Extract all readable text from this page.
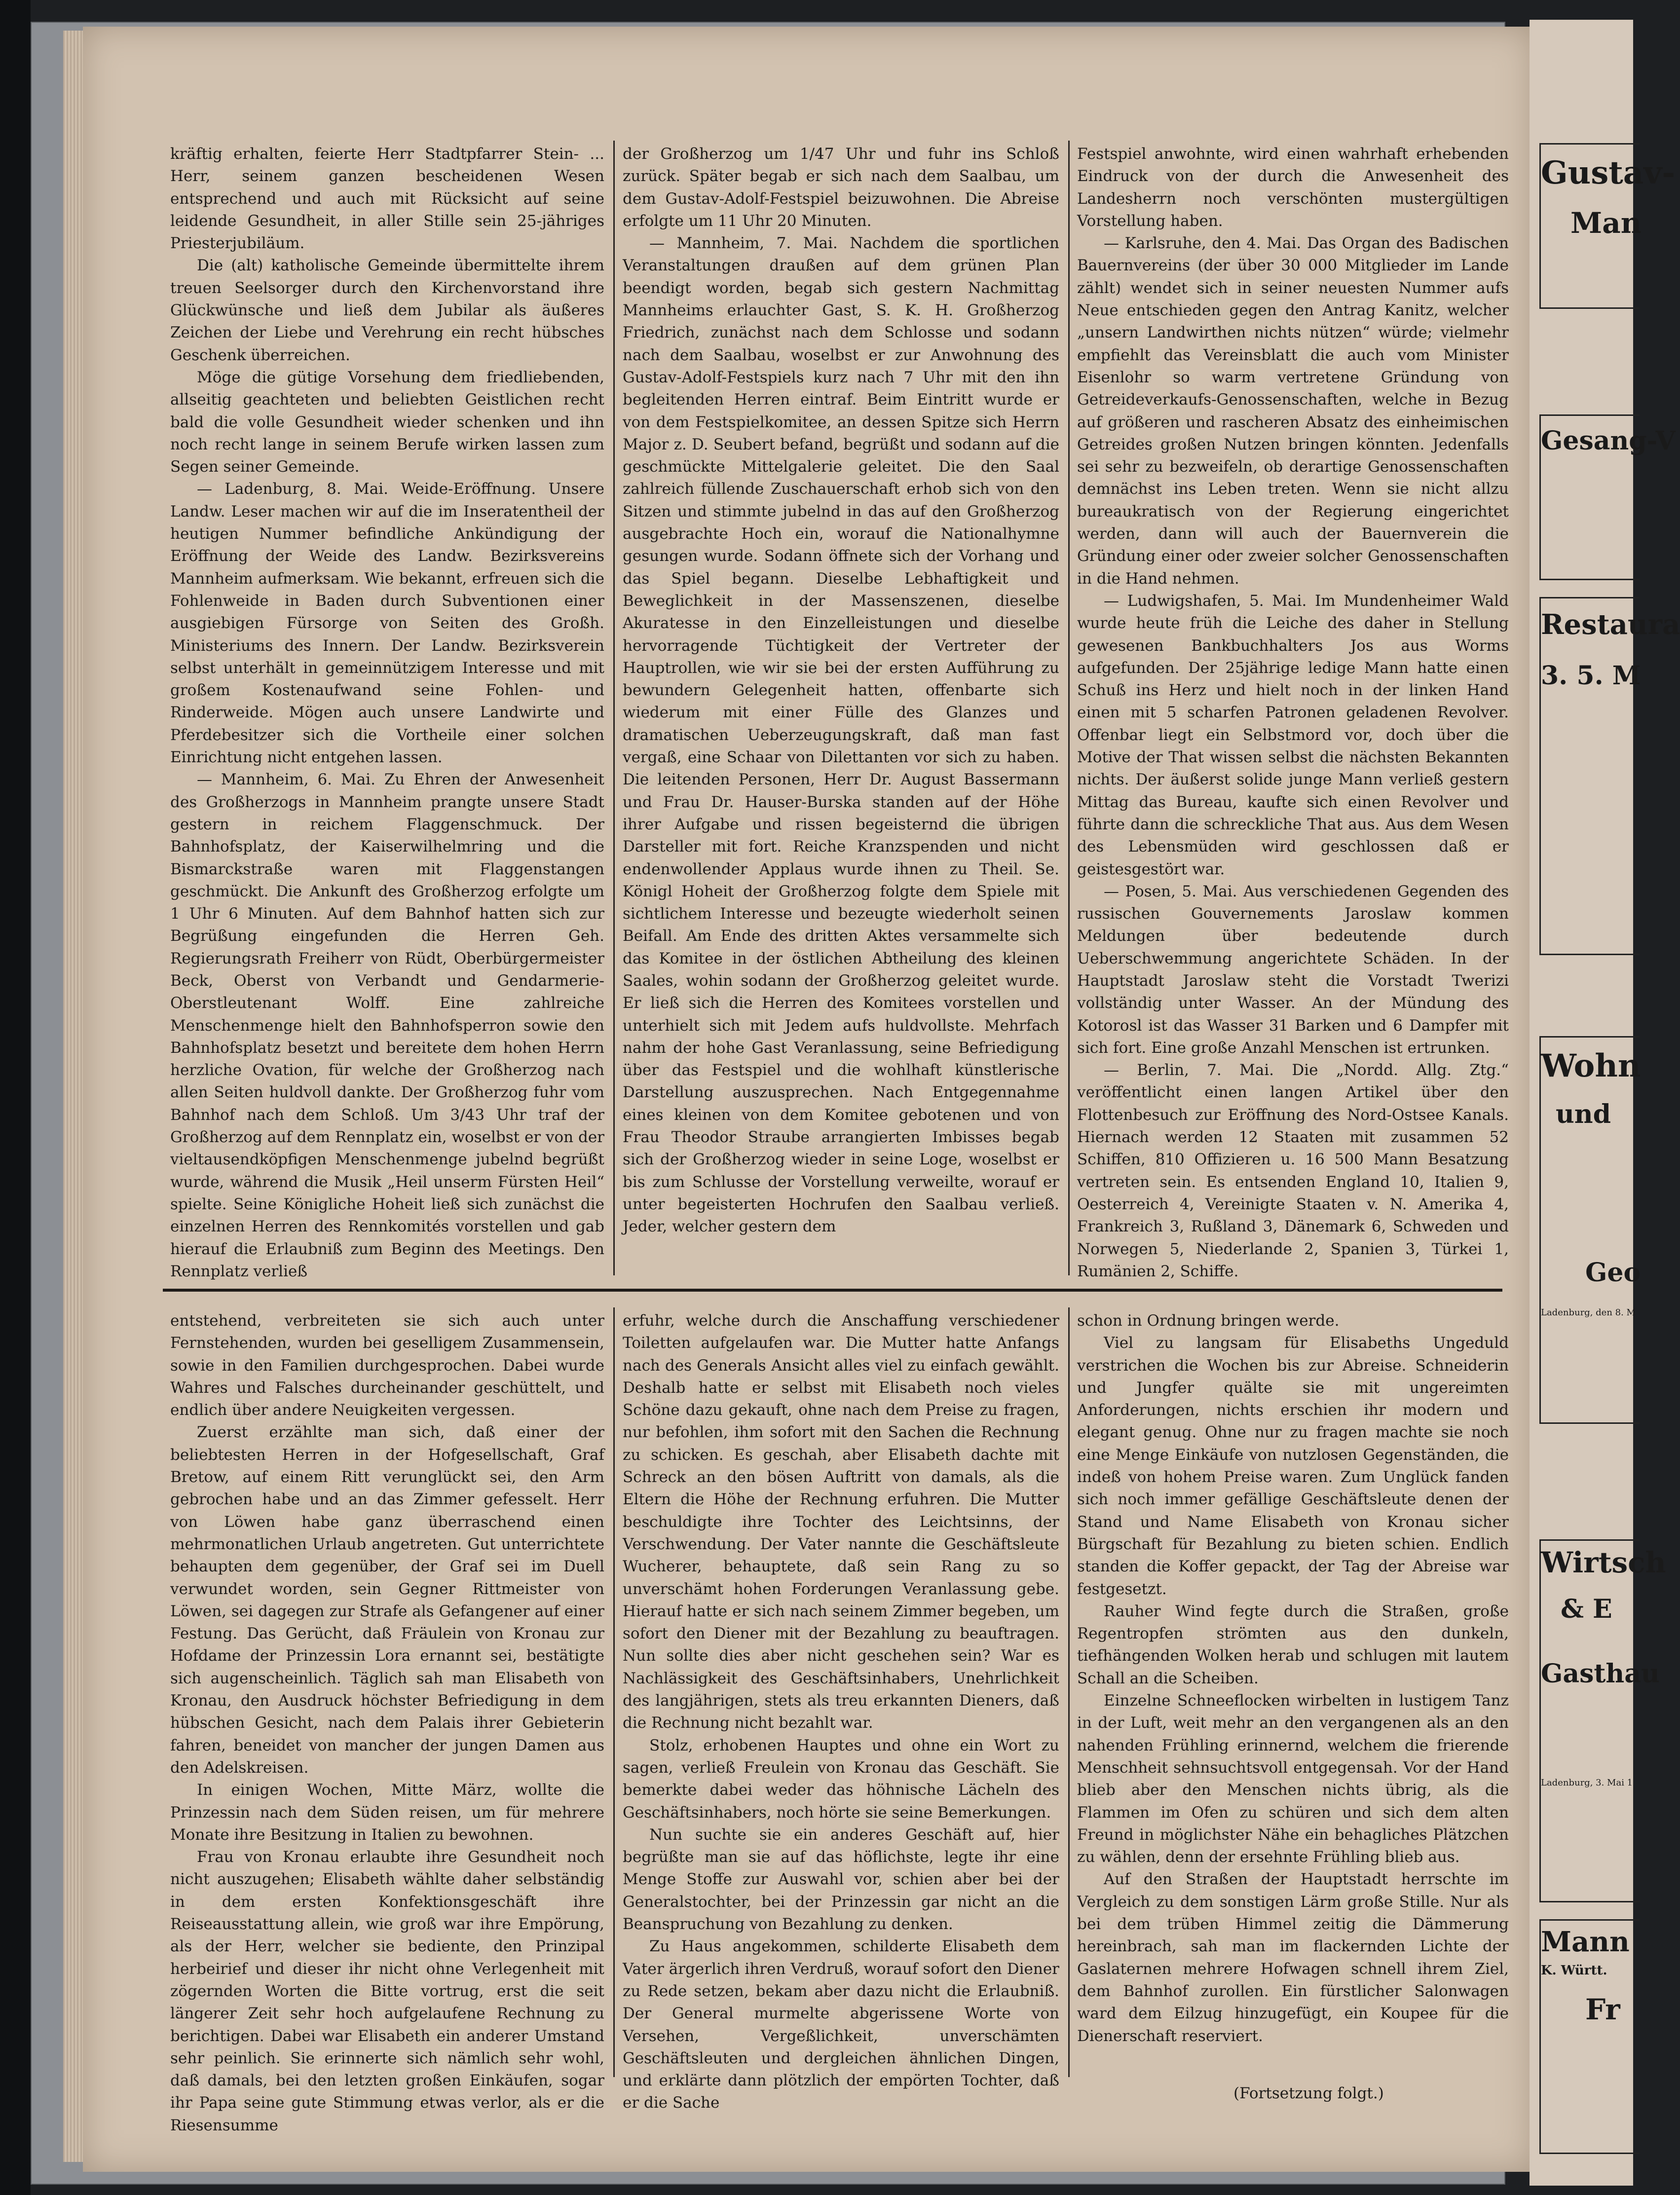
kräftig erhalten, feierte Herr Stadtpfarrer Stein- ... Herr, seinem ganzen bescheidenen Wesen entsprechend und auch mit Rücksicht auf seine leidende Gesundheit, in aller Stille sein 25-jähriges Priesterjubiläum.

Die (alt) katholische Gemeinde übermittelte ihrem treuen Seelsorger durch den Kirchenvorstand ihre Glückwünsche und ließ dem Jubilar als äußeres Zeichen der Liebe und Verehrung ein recht hübsches Geschenk überreichen.

Möge die gütige Vorsehung dem friedliebenden, allseitig geachteten und beliebten Geistlichen recht bald die volle Gesundheit wieder schenken und ihn noch recht lange in seinem Berufe wirken lassen zum Segen seiner Gemeinde.

— Ladenburg, 8. Mai. Weide-Eröffnung. Unsere Landw. Leser machen wir auf die im Inseratentheil der heutigen Nummer befindliche Ankündigung der Eröffnung der Weide des Landw. Bezirksvereins Mannheim aufmerksam. Wie bekannt, erfreuen sich die Fohlenweide in Baden durch Subventionen einer ausgiebigen Fürsorge von Seiten des Großh. Ministeriums des Innern. Der Landw. Bezirksverein selbst unterhält in gemeinnützigem Interesse und mit großem Kostenaufwand seine Fohlen- und Rinderweide. Mögen auch unsere Landwirte und Pferdebesitzer sich die Vortheile einer solchen Einrichtung nicht entgehen lassen.

— Mannheim, 6. Mai. Zu Ehren der Anwesenheit des Großherzogs in Mannheim prangte unsere Stadt gestern in reichem Flaggenschmuck. Der Bahnhofsplatz, der Kaiserwilhelmring und die Bismarckstraße waren mit Flaggenstangen geschmückt. Die Ankunft des Großherzog erfolgte um 1 Uhr 6 Minuten. Auf dem Bahnhof hatten sich zur Begrüßung eingefunden die Herren Geh. Regierungsrath Freiherr von Rüdt, Oberbürgermeister Beck, Oberst von Verbandt und Gendarmerie-Oberstleutenant Wolff. Eine zahlreiche Menschenmenge hielt den Bahnhofsperron sowie den Bahnhofsplatz besetzt und bereitete dem hohen Herrn herzliche Ovation, für welche der Großherzog nach allen Seiten huldvoll dankte. Der Großherzog fuhr vom Bahnhof nach dem Schloß. Um 3/43 Uhr traf der Großherzog auf dem Rennplatz ein, woselbst er von der vieltausendköpfigen Menschenmenge jubelnd begrüßt wurde, während die Musik „Heil unserm Fürsten Heil“ spielte. Seine Königliche Hoheit ließ sich zunächst die einzelnen Herren des Rennkomités vorstellen und gab hierauf die Erlaubniß zum Beginn des Meetings. Den Rennplatz verließ

der Großherzog um 1/47 Uhr und fuhr ins Schloß zurück. Später begab er sich nach dem Saalbau, um dem Gustav-Adolf-Festspiel beizuwohnen. Die Abreise erfolgte um 11 Uhr 20 Minuten.

— Mannheim, 7. Mai. Nachdem die sportlichen Veranstaltungen draußen auf dem grünen Plan beendigt worden, begab sich gestern Nachmittag Mannheims erlauchter Gast, S. K. H. Großherzog Friedrich, zunächst nach dem Schlosse und sodann nach dem Saalbau, woselbst er zur Anwohnung des Gustav-Adolf-Festspiels kurz nach 7 Uhr mit den ihn begleitenden Herren eintraf. Beim Eintritt wurde er von dem Festspielkomitee, an dessen Spitze sich Herrn Major z. D. Seubert befand, begrüßt und sodann auf die geschmückte Mittelgalerie geleitet. Die den Saal zahlreich füllende Zuschauerschaft erhob sich von den Sitzen und stimmte jubelnd in das auf den Großherzog ausgebrachte Hoch ein, worauf die Nationalhymne gesungen wurde. Sodann öffnete sich der Vorhang und das Spiel begann. Dieselbe Lebhaftigkeit und Beweglichkeit in der Massenszenen, dieselbe Akuratesse in den Einzelleistungen und dieselbe hervorragende Tüchtigkeit der Vertreter der Hauptrollen, wie wir sie bei der ersten Aufführung zu bewundern Gelegenheit hatten, offenbarte sich wiederum mit einer Fülle des Glanzes und dramatischen Ueberzeugungskraft, daß man fast vergaß, eine Schaar von Dilettanten vor sich zu haben. Die leitenden Personen, Herr Dr. August Bassermann und Frau Dr. Hauser-Burska standen auf der Höhe ihrer Aufgabe und rissen begeisternd die übrigen Darsteller mit fort. Reiche Kranzspenden und nicht endenwollender Applaus wurde ihnen zu Theil. Se. Königl Hoheit der Großherzog folgte dem Spiele mit sichtlichem Interesse und bezeugte wiederholt seinen Beifall. Am Ende des dritten Aktes versammelte sich das Komitee in der östlichen Abtheilung des kleinen Saales, wohin sodann der Großherzog geleitet wurde. Er ließ sich die Herren des Komitees vorstellen und unterhielt sich mit Jedem aufs huldvollste. Mehrfach nahm der hohe Gast Veranlassung, seine Befriedigung über das Festspiel und die wohlhaft künstlerische Darstellung auszusprechen. Nach Entgegennahme eines kleinen von dem Komitee gebotenen und von Frau Theodor Straube arrangierten Imbisses begab sich der Großherzog wieder in seine Loge, woselbst er bis zum Schlusse der Vorstellung verweilte, worauf er unter begeisterten Hochrufen den Saalbau verließ. Jeder, welcher gestern dem

Festspiel anwohnte, wird einen wahrhaft erhebenden Eindruck von der durch die Anwesenheit des Landesherrn noch verschönten mustergültigen Vorstellung haben.

— Karlsruhe, den 4. Mai. Das Organ des Badischen Bauernvereins (der über 30 000 Mitglieder im Lande zählt) wendet sich in seiner neuesten Nummer aufs Neue entschieden gegen den Antrag Kanitz, welcher „unsern Landwirthen nichts nützen“ würde; vielmehr empfiehlt das Vereinsblatt die auch vom Minister Eisenlohr so warm vertretene Gründung von Getreideverkaufs-Genossenschaften, welche in Bezug auf größeren und rascheren Absatz des einheimischen Getreides großen Nutzen bringen könnten. Jedenfalls sei sehr zu bezweifeln, ob derartige Genossenschaften demnächst ins Leben treten. Wenn sie nicht allzu bureaukratisch von der Regierung eingerichtet werden, dann will auch der Bauernverein die Gründung einer oder zweier solcher Genossenschaften in die Hand nehmen.

— Ludwigshafen, 5. Mai. Im Mundenheimer Wald wurde heute früh die Leiche des daher in Stellung gewesenen Bankbuchhalters Jos aus Worms aufgefunden. Der 25jährige ledige Mann hatte einen Schuß ins Herz und hielt noch in der linken Hand einen mit 5 scharfen Patronen geladenen Revolver. Offenbar liegt ein Selbstmord vor, doch über die Motive der That wissen selbst die nächsten Bekannten nichts. Der äußerst solide junge Mann verließ gestern Mittag das Bureau, kaufte sich einen Revolver und führte dann die schreckliche That aus. Aus dem Wesen des Lebensmüden wird geschlossen daß er geistesgestört war.

— Posen, 5. Mai. Aus verschiedenen Gegenden des russischen Gouvernements Jaroslaw kommen Meldungen über bedeutende durch Ueberschwemmung angerichtete Schäden. In der Hauptstadt Jaroslaw steht die Vorstadt Twerizi vollständig unter Wasser. An der Mündung des Kotorosl ist das Wasser 31 Barken und 6 Dampfer mit sich fort. Eine große Anzahl Menschen ist ertrunken.

— Berlin, 7. Mai. Die „Nordd. Allg. Ztg.“ veröffentlicht einen langen Artikel über den Flottenbesuch zur Eröffnung des Nord-Ostsee Kanals. Hiernach werden 12 Staaten mit zusammen 52 Schiffen, 810 Offizieren u. 16 500 Mann Besatzung vertreten sein. Es entsenden England 10, Italien 9, Oesterreich 4, Vereinigte Staaten v. N. Amerika 4, Frankreich 3, Rußland 3, Dänemark 6, Schweden und Norwegen 5, Niederlande 2, Spanien 3, Türkei 1, Rumänien 2, Schiffe.

entstehend, verbreiteten sie sich auch unter Fernstehenden, wurden bei geselligem Zusammensein, sowie in den Familien durchgesprochen. Dabei wurde Wahres und Falsches durcheinander geschüttelt, und endlich über andere Neuigkeiten vergessen.

Zuerst erzählte man sich, daß einer der beliebtesten Herren in der Hofgesellschaft, Graf Bretow, auf einem Ritt verunglückt sei, den Arm gebrochen habe und an das Zimmer gefesselt. Herr von Löwen habe ganz überraschend einen mehrmonatlichen Urlaub angetreten. Gut unterrichtete behaupten dem gegenüber, der Graf sei im Duell verwundet worden, sein Gegner Rittmeister von Löwen, sei dagegen zur Strafe als Gefangener auf einer Festung. Das Gerücht, daß Fräulein von Kronau zur Hofdame der Prinzessin Lora ernannt sei, bestätigte sich augenscheinlich. Täglich sah man Elisabeth von Kronau, den Ausdruck höchster Befriedigung in dem hübschen Gesicht, nach dem Palais ihrer Gebieterin fahren, beneidet von mancher der jungen Damen aus den Adelskreisen.

In einigen Wochen, Mitte März, wollte die Prinzessin nach dem Süden reisen, um für mehrere Monate ihre Besitzung in Italien zu bewohnen.

Frau von Kronau erlaubte ihre Gesundheit noch nicht auszugehen; Elisabeth wählte daher selbständig in dem ersten Konfektionsgeschäft ihre Reiseausstattung allein, wie groß war ihre Empörung, als der Herr, welcher sie bediente, den Prinzipal herbeirief und dieser ihr nicht ohne Verlegenheit mit zögernden Worten die Bitte vortrug, erst die seit längerer Zeit sehr hoch aufgelaufene Rechnung zu berichtigen. Dabei war Elisabeth ein anderer Umstand sehr peinlich. Sie erinnerte sich nämlich sehr wohl, daß damals, bei den letzten großen Einkäufen, sogar ihr Papa seine gute Stimmung etwas verlor, als er die Riesensumme

erfuhr, welche durch die Anschaffung verschiedener Toiletten aufgelaufen war. Die Mutter hatte Anfangs nach des Generals Ansicht alles viel zu einfach gewählt. Deshalb hatte er selbst mit Elisabeth noch vieles Schöne dazu gekauft, ohne nach dem Preise zu fragen, nur befohlen, ihm sofort mit den Sachen die Rechnung zu schicken. Es geschah, aber Elisabeth dachte mit Schreck an den bösen Auftritt von damals, als die Eltern die Höhe der Rechnung erfuhren. Die Mutter beschuldigte ihre Tochter des Leichtsinns, der Verschwendung. Der Vater nannte die Geschäftsleute Wucherer, behauptete, daß sein Rang zu so unverschämt hohen Forderungen Veranlassung gebe. Hierauf hatte er sich nach seinem Zimmer begeben, um sofort den Diener mit der Bezahlung zu beauftragen. Nun sollte dies aber nicht geschehen sein? War es Nachlässigkeit des Geschäftsinhabers, Unehrlichkeit des langjährigen, stets als treu erkannten Dieners, daß die Rechnung nicht bezahlt war.

Stolz, erhobenen Hauptes und ohne ein Wort zu sagen, verließ Freulein von Kronau das Geschäft. Sie bemerkte dabei weder das höhnische Lächeln des Geschäftsinhabers, noch hörte sie seine Bemerkungen.

Nun suchte sie ein anderes Geschäft auf, hier begrüßte man sie auf das höflichste, legte ihr eine Menge Stoffe zur Auswahl vor, schien aber bei der Generalstochter, bei der Prinzessin gar nicht an die Beanspruchung von Bezahlung zu denken.

Zu Haus angekommen, schilderte Elisabeth dem Vater ärgerlich ihren Verdruß, worauf sofort den Diener zu Rede setzen, bekam aber dazu nicht die Erlaubniß. Der General murmelte abgerissene Worte von Versehen, Vergeßlichkeit, unverschämten Geschäftsleuten und dergleichen ähnlichen Dingen, und erklärte dann plötzlich der empörten Tochter, daß er die Sache

schon in Ordnung bringen werde.

Viel zu langsam für Elisabeths Ungeduld verstrichen die Wochen bis zur Abreise. Schneiderin und Jungfer quälte sie mit ungereimten Anforderungen, nichts erschien ihr modern und elegant genug. Ohne nur zu fragen machte sie noch eine Menge Einkäufe von nutzlosen Gegenständen, die indeß von hohem Preise waren. Zum Unglück fanden sich noch immer gefällige Geschäftsleute denen der Stand und Name Elisabeth von Kronau sicher Bürgschaft für Bezahlung zu bieten schien. Endlich standen die Koffer gepackt, der Tag der Abreise war festgesetzt.

Rauher Wind fegte durch die Straßen, große Regentropfen strömten aus den dunkeln, tiefhängenden Wolken herab und schlugen mit lautem Schall an die Scheiben.

Einzelne Schneeflocken wirbelten in lustigem Tanz in der Luft, weit mehr an den vergangenen als an den nahenden Frühling erinnernd, welchem die frierende Menschheit sehnsuchtsvoll entgegensah. Vor der Hand blieb aber den Menschen nichts übrig, als die Flammen im Ofen zu schüren und sich dem alten Freund in möglichster Nähe ein behagliches Plätzchen zu wählen, denn der ersehnte Frühling blieb aus.

Auf den Straßen der Hauptstadt herrschte im Vergleich zu dem sonstigen Lärm große Stille. Nur als bei dem trüben Himmel zeitig die Dämmerung hereinbrach, sah man im flackernden Lichte der Gaslaternen mehrere Hofwagen schnell ihrem Ziel, dem Bahnhof zurollen. Ein fürstlicher Salonwagen ward dem Eilzug hinzugefügt, ein Koupee für die Dienerschaft reserviert.

(Fortsetzung folgt.)
Gustav-
Man
Gesang-V
Restaura
3. 5. M
Wohn
und
Geo
Ladenburg, den 8. M
Wirtsch
& E
Gasthau
Ladenburg, 3. Mai 1
Mann
K. Württ.
Fr
